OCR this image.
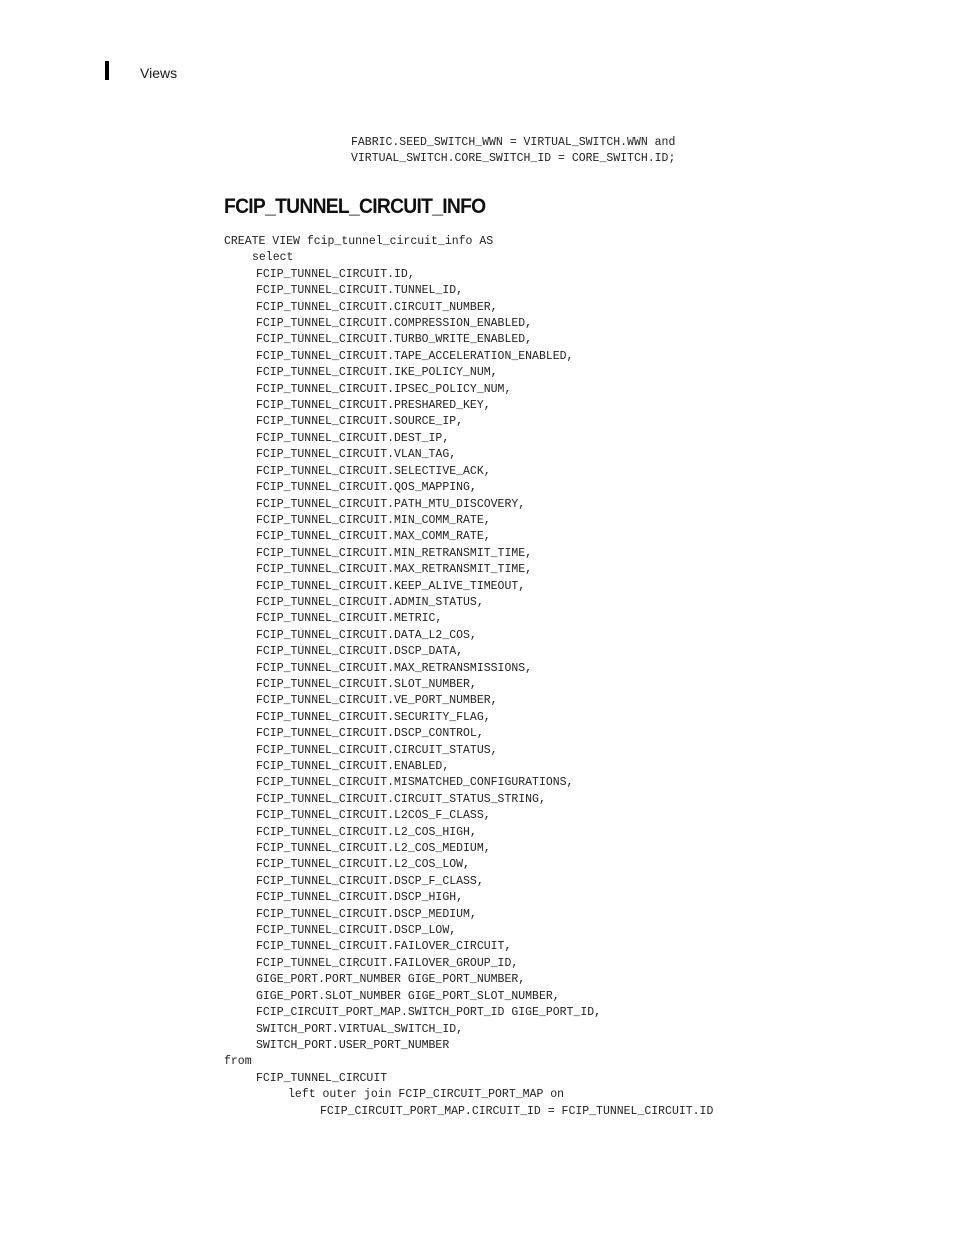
Views
FABRIC.SEED_SWITCH_WWN = VIRTUAL_SWITCH.WWN and
VIRTUAL_SWITCH.CORE_SWITCH_ID = CORE_SWITCH.ID;
FCIP_TUNNEL_CIRCUIT_INFO
CREATE VIEW fcip_tunnel_circuit_info AS
select
FCIP_TUNNEL_CIRCUIT.ID,
FCIP_TUNNEL_CIRCUIT.TUNNEL_ID,
FCIP_TUNNEL_CIRCUIT.CIRCUIT_NUMBER,
FCIP_TUNNEL_CIRCUIT.COMPRESSION_ENABLED,
FCIP_TUNNEL_CIRCUIT.TURBO_WRITE_ENABLED,
FCIP_TUNNEL_CIRCUIT.TAPE_ACCELERATION_ENABLED,
FCIP_TUNNEL_CIRCUIT.IKE_POLICY_NUM,
FCIP_TUNNEL_CIRCUIT.IPSEC_POLICY_NUM,
FCIP_TUNNEL_CIRCUIT.PRESHARED_KEY,
FCIP_TUNNEL_CIRCUIT.SOURCE_IP,
FCIP_TUNNEL_CIRCUIT.DEST_IP,
FCIP_TUNNEL_CIRCUIT.VLAN_TAG,
FCIP_TUNNEL_CIRCUIT.SELECTIVE_ACK,
FCIP_TUNNEL_CIRCUIT.QOS_MAPPING,
FCIP_TUNNEL_CIRCUIT.PATH_MTU_DISCOVERY,
FCIP_TUNNEL_CIRCUIT.MIN_COMM_RATE,
FCIP_TUNNEL_CIRCUIT.MAX_COMM_RATE,
FCIP_TUNNEL_CIRCUIT.MIN_RETRANSMIT_TIME,
FCIP_TUNNEL_CIRCUIT.MAX_RETRANSMIT_TIME,
FCIP_TUNNEL_CIRCUIT.KEEP_ALIVE_TIMEOUT,
FCIP_TUNNEL_CIRCUIT.ADMIN_STATUS,
FCIP_TUNNEL_CIRCUIT.METRIC,
FCIP_TUNNEL_CIRCUIT.DATA_L2_COS,
FCIP_TUNNEL_CIRCUIT.DSCP_DATA,
FCIP_TUNNEL_CIRCUIT.MAX_RETRANSMISSIONS,
FCIP_TUNNEL_CIRCUIT.SLOT_NUMBER,
FCIP_TUNNEL_CIRCUIT.VE_PORT_NUMBER,
FCIP_TUNNEL_CIRCUIT.SECURITY_FLAG,
FCIP_TUNNEL_CIRCUIT.DSCP_CONTROL,
FCIP_TUNNEL_CIRCUIT.CIRCUIT_STATUS,
FCIP_TUNNEL_CIRCUIT.ENABLED,
FCIP_TUNNEL_CIRCUIT.MISMATCHED_CONFIGURATIONS,
FCIP_TUNNEL_CIRCUIT.CIRCUIT_STATUS_STRING,
FCIP_TUNNEL_CIRCUIT.L2COS_F_CLASS,
FCIP_TUNNEL_CIRCUIT.L2_COS_HIGH,
FCIP_TUNNEL_CIRCUIT.L2_COS_MEDIUM,
FCIP_TUNNEL_CIRCUIT.L2_COS_LOW,
FCIP_TUNNEL_CIRCUIT.DSCP_F_CLASS,
FCIP_TUNNEL_CIRCUIT.DSCP_HIGH,
FCIP_TUNNEL_CIRCUIT.DSCP_MEDIUM,
FCIP_TUNNEL_CIRCUIT.DSCP_LOW,
FCIP_TUNNEL_CIRCUIT.FAILOVER_CIRCUIT,
FCIP_TUNNEL_CIRCUIT.FAILOVER_GROUP_ID,
GIGE_PORT.PORT_NUMBER GIGE_PORT_NUMBER,
GIGE_PORT.SLOT_NUMBER GIGE_PORT_SLOT_NUMBER,
FCIP_CIRCUIT_PORT_MAP.SWITCH_PORT_ID GIGE_PORT_ID,
SWITCH_PORT.VIRTUAL_SWITCH_ID,
SWITCH_PORT.USER_PORT_NUMBER
from
FCIP_TUNNEL_CIRCUIT
left outer join FCIP_CIRCUIT_PORT_MAP on
FCIP_CIRCUIT_PORT_MAP.CIRCUIT_ID = FCIP_TUNNEL_CIRCUIT.ID
